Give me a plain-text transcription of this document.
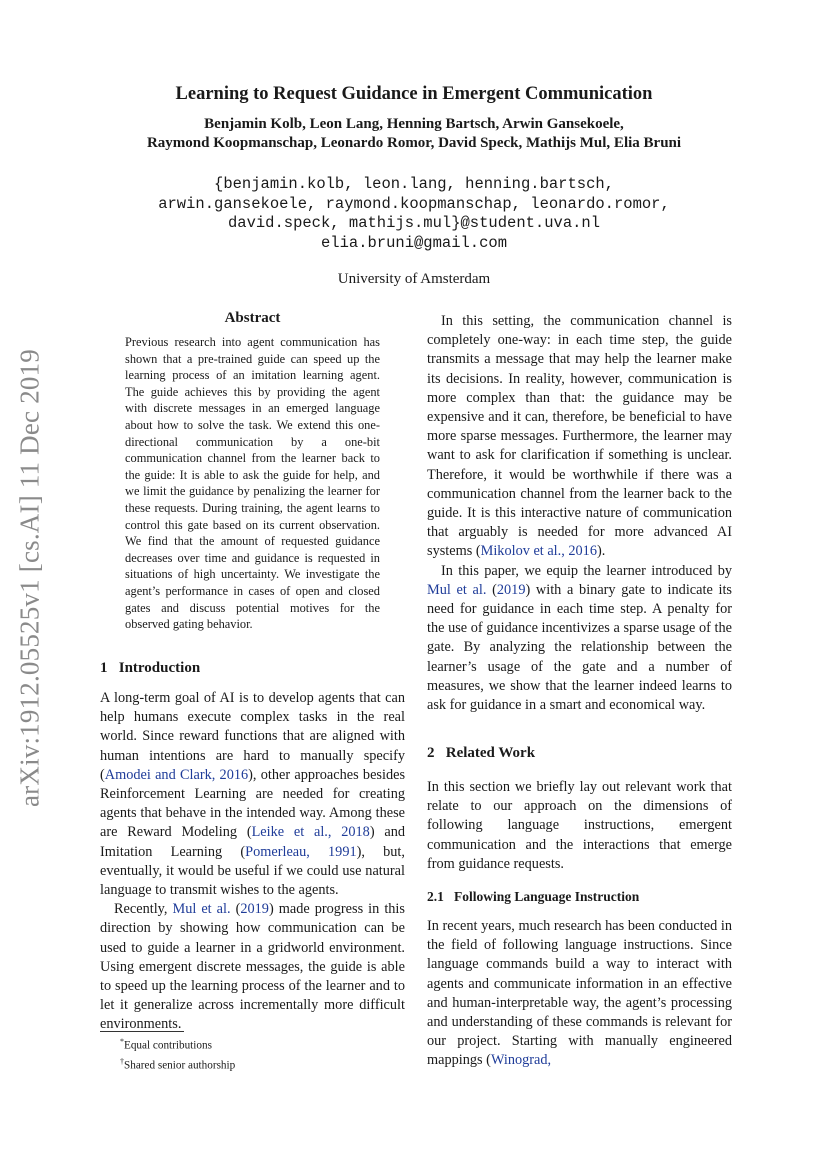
Learning to Request Guidance in Emergent Communication
Benjamin Kolb, Leon Lang, Henning Bartsch, Arwin Gansekoele,
Raymond Koopmanschap, Leonardo Romor, David Speck, Mathijs Mul, Elia Bruni
{benjamin.kolb, leon.lang, henning.bartsch,
arwin.gansekoele, raymond.koopmanschap, leonardo.romor,
david.speck, mathijs.mul}@student.uva.nl
elia.bruni@gmail.com
University of Amsterdam
arXiv:1912.05525v1 [cs.AI] 11 Dec 2019
Abstract
Previous research into agent communication has shown that a pre-trained guide can speed up the learning process of an imitation learning agent. The guide achieves this by providing the agent with discrete messages in an emerged language about how to solve the task. We extend this one-directional communication by a one-bit communication channel from the learner back to the guide: It is able to ask the guide for help, and we limit the guidance by penalizing the learner for these requests. During training, the agent learns to control this gate based on its current observation. We find that the amount of requested guidance decreases over time and guidance is requested in situations of high uncertainty. We investigate the agent’s performance in cases of open and closed gates and discuss potential motives for the observed gating behavior.
1 Introduction

A long-term goal of AI is to develop agents that can help humans execute complex tasks in the real world. Since reward functions that are aligned with human intentions are hard to manually specify (Amodei and Clark, 2016), other approaches besides Reinforcement Learning are needed for creating agents that behave in the intended way. Among these are Reward Modeling (Leike et al., 2018) and Imitation Learning (Pomerleau, 1991), but, eventually, it would be useful if we could use natural language to transmit wishes to the agents.

Recently, Mul et al. (2019) made progress in this direction by showing how communication can be used to guide a learner in a gridworld environment. Using emergent discrete messages, the guide is able to speed up the learning process of the learner and to let it generalize across incrementally more difficult environments.

*Equal contributions
†Shared senior authorship

In this setting, the communication channel is completely one-way: in each time step, the guide transmits a message that may help the learner make its decisions. In reality, however, communication is more complex than that: the guidance may be expensive and it can, therefore, be beneficial to have more sparse messages. Furthermore, the learner may want to ask for clarification if something is unclear. Therefore, it would be worthwhile if there was a communication channel from the learner back to the guide. It is this interactive nature of communication that arguably is needed for more advanced AI systems (Mikolov et al., 2016).

In this paper, we equip the learner introduced by Mul et al. (2019) with a binary gate to indicate its need for guidance in each time step. A penalty for the use of guidance incentivizes a sparse usage of the gate. By analyzing the relationship between the learner’s usage of the gate and a number of measures, we show that the learner indeed learns to ask for guidance in a smart and economical way.

2 Related Work
In this section we briefly lay out relevant work that relate to our approach on the dimensions of following language instructions, emergent communication and the interactions that emerge from guidance requests.
2.1 Following Language Instruction
In recent years, much research has been conducted in the field of following language instructions. Since language commands build a way to interact with agents and communicate information in an effective and human-interpretable way, the agent’s processing and understanding of these commands is relevant for our project. Starting with manually engineered mappings (Winograd,
